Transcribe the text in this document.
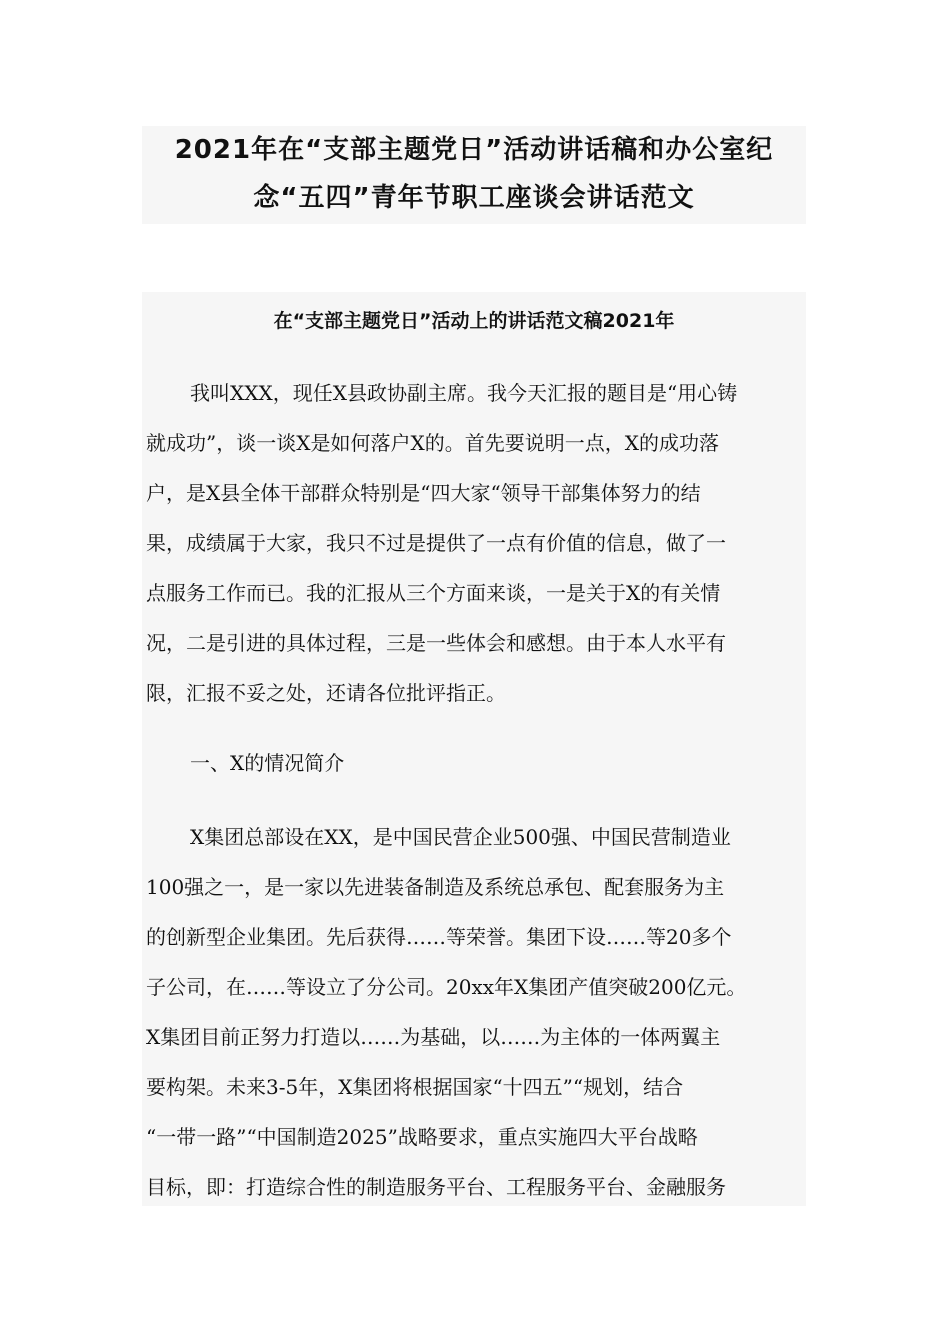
2021年在“支部主题党日”活动讲话稿和办公室纪
念“五四”青年节职工座谈会讲话范文
在“支部主题党日”活动上的讲话范文稿2021年
我叫XXX，现任X县政协副主席。我今天汇报的题目是“用心铸
就成功”，谈一谈X是如何落户X的。首先要说明一点，X的成功落
户，是X县全体干部群众特别是“四大家“领导干部集体努力的结
果，成绩属于大家，我只不过是提供了一点有价值的信息，做了一
点服务工作而已。我的汇报从三个方面来谈，一是关于X的有关情
况，二是引进的具体过程，三是一些体会和感想。由于本人水平有
限，汇报不妥之处，还请各位批评指正。
一、X的情况简介
X集团总部设在XX，是中国民营企业500强、中国民营制造业
100强之一，是一家以先进装备制造及系统总承包、配套服务为主
的创新型企业集团。先后获得……等荣誉。集团下设……等20多个
子公司，在……等设立了分公司。20xx年X集团产值突破200亿元。
X集团目前正努力打造以……为基础，以……为主体的一体两翼主
要构架。未来3-5年，X集团将根据国家“十四五”“规划，结合
“一带一路”“中国制造2025”战略要求，重点实施四大平台战略
目标，即：打造综合性的制造服务平台、工程服务平台、金融服务
